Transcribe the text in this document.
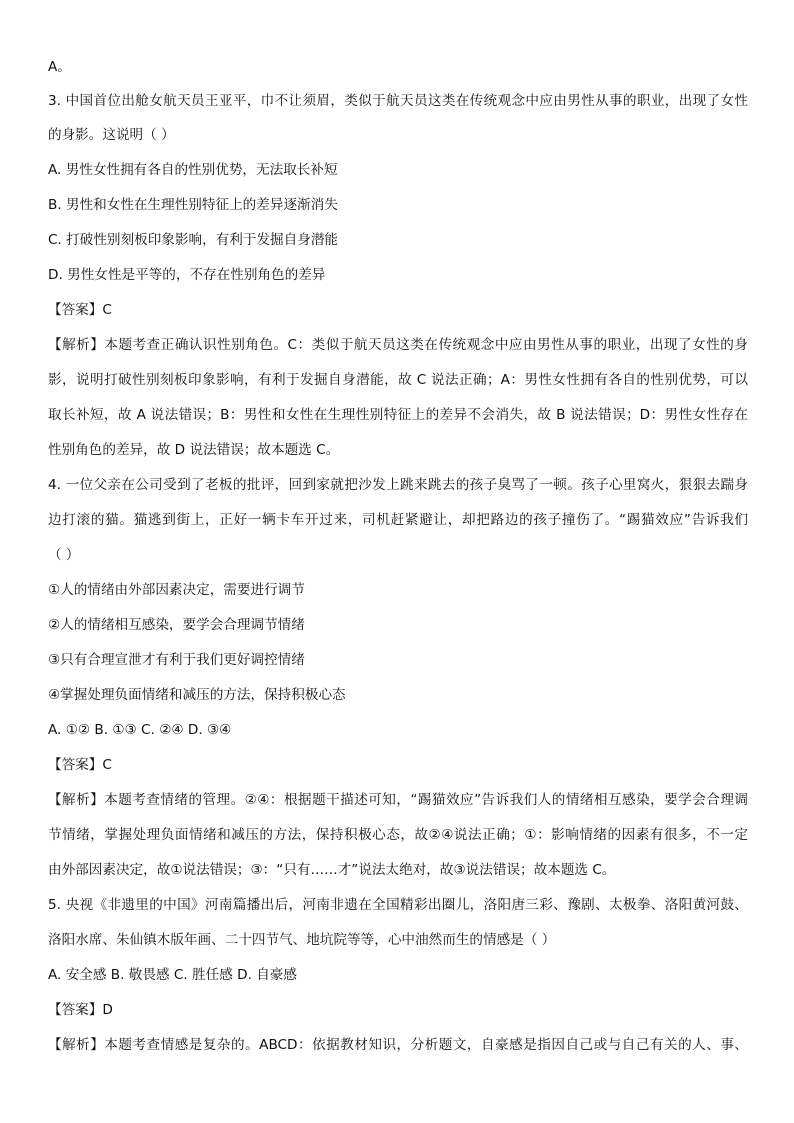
A。
3. 中国首位出舱女航天员王亚平，巾不让须眉，类似于航天员这类在传统观念中应由男性从事的职业，出现了女性
的身影。这说明（ ）
A. 男性女性拥有各自的性别优势，无法取长补短
B. 男性和女性在生理性别特征上的差异逐渐消失
C. 打破性别刻板印象影响，有利于发掘自身潜能
D. 男性女性是平等的，不存在性别角色的差异
【答案】C
【解析】本题考查正确认识性别角色。C：类似于航天员这类在传统观念中应由男性从事的职业，出现了女性的身
影，说明打破性别刻板印象影响，有利于发掘自身潜能，故 C 说法正确；A：男性女性拥有各自的性别优势，可以
取长补短，故 A 说法错误；B：男性和女性在生理性别特征上的差异不会消失，故 B 说法错误；D：男性女性存在
性别角色的差异，故 D 说法错误；故本题选 C。
4. 一位父亲在公司受到了老板的批评，回到家就把沙发上跳来跳去的孩子臭骂了一顿。孩子心里窝火，狠狠去踹身
边打滚的猫。猫逃到街上，正好一辆卡车开过来，司机赶紧避让，却把路边的孩子撞伤了。“踢猫效应”告诉我们
（ ）
①人的情绪由外部因素决定，需要进行调节
②人的情绪相互感染，要学会合理调节情绪
③只有合理宣泄才有利于我们更好调控情绪
④掌握处理负面情绪和减压的方法，保持积极心态
A. ①② B. ①③ C. ②④ D. ③④
【答案】C
【解析】本题考查情绪的管理。②④：根据题干描述可知，“踢猫效应”告诉我们人的情绪相互感染，要学会合理调
节情绪，掌握处理负面情绪和减压的方法，保持积极心态，故②④说法正确；①：影响情绪的因素有很多，不一定
由外部因素决定，故①说法错误；③：“只有……才”说法太绝对，故③说法错误；故本题选 C。
5. 央视《非遗里的中国》河南篇播出后，河南非遗在全国精彩出圈儿，洛阳唐三彩、豫剧、太极拳、洛阳黄河鼓、
洛阳水席、朱仙镇木版年画、二十四节气、地坑院等等，心中油然而生的情感是（ ）
A. 安全感 B. 敬畏感 C. 胜任感 D. 自豪感
【答案】D
【解析】本题考查情感是复杂的。ABCD：依据教材知识，分析题文，自豪感是指因自己或与自己有关的人、事、
